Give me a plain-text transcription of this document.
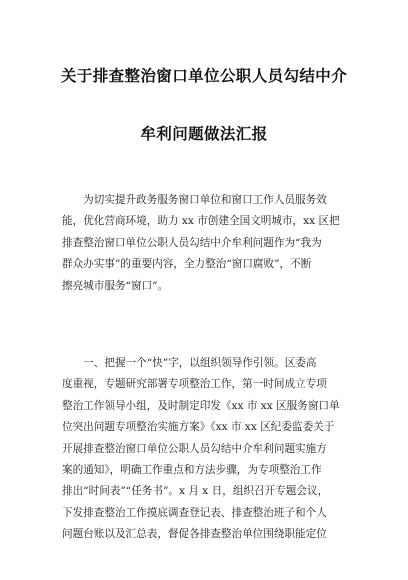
关于排查整治窗口单位公职人员勾结中介
牟利问题做法汇报
　　为切实提升政务服务窗口单位和窗口工作人员服务效
能，优化营商环境，助力 xx 市创建全国文明城市，xx 区把
排查整治窗口单位公职人员勾结中介牟利问题作为“我为
群众办实事”的重要内容，全力整治“窗口腐败”，不断
擦亮城市服务“窗口”。
　　一、把握一个“快”字，以组织领导作引领。区委高
度重视，专题研究部署专项整治工作，第一时间成立专项
整治工作领导小组，及时制定印发《xx 市 xx 区服务窗口单
位突出问题专项整治实施方案》《xx 市 xx 区纪委监委关于
开展排查整治窗口单位公职人员勾结中介牟利问题实施方
案的通知》，明确工作重点和方法步骤，为专项整治工作
排出“时间表”“任务书”。x 月 x 日，组织召开专题会议，
下发排查整治工作摸底调查登记表、排查整治班子和个人
问题台账以及汇总表，督促各排查整治单位围绕职能定位
